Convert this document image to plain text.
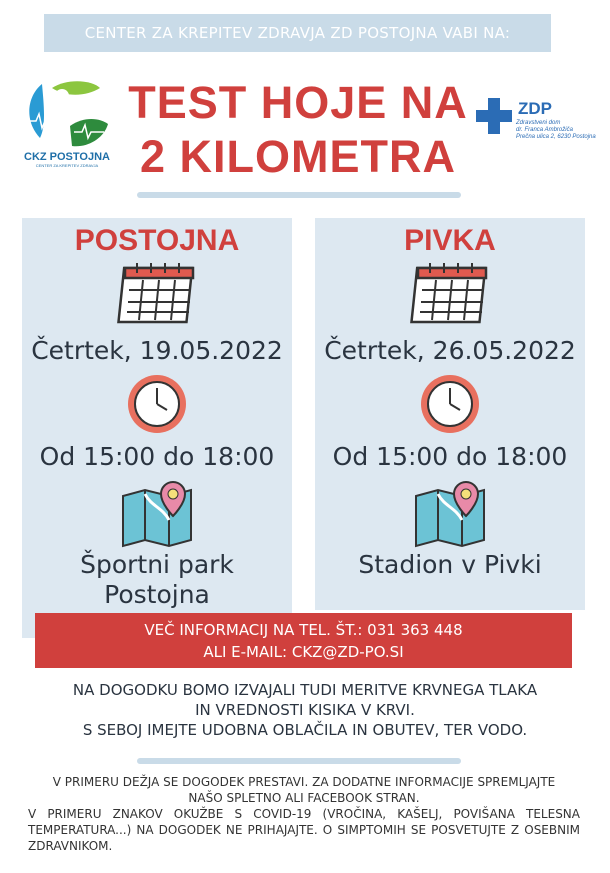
CENTER ZA KREPITEV ZDRAVJA ZD POSTOJNA VABI NA:
CKZ POSTOJNA
CENTER ZA KREPITEV ZDRAVJA
TEST HOJE NA
2 KILOMETRA
ZDP
Zdravstveni dom
dr. Franca Ambrožiča
Prečna ulica 2, 6230 Postojna
POSTOJNA
Četrtek, 19.05.2022
Od 15:00 do 18:00
Športni park
Postojna
PIVKA
Četrtek, 26.05.2022
Od 15:00 do 18:00
Stadion v Pivki
VEČ INFORMACIJ NA TEL. ŠT.: 031 363 448
ALI E-MAIL: CKZ@ZD-PO.SI
NA DOGODKU BOMO IZVAJALI TUDI MERITVE KRVNEGA TLAKA
IN VREDNOSTI KISIKA V KRVI.
S SEBOJ IMEJTE UDOBNA OBLAČILA IN OBUTEV, TER VODO.
V PRIMERU DEŽJA SE DOGODEK PRESTAVI. ZA DODATNE INFORMACIJE SPREMLJAJTE NAŠO SPLETNO ALI FACEBOOK STRAN.
V PRIMERU ZNAKOV OKUŽBE S COVID-19 (VROČINA, KAŠELJ, POVIŠANA TELESNA TEMPERATURA...) NA DOGODEK NE PRIHAJAJTE. O SIMPTOMIH SE POSVETUJTE Z OSEBNIM ZDRAVNIKOM.
